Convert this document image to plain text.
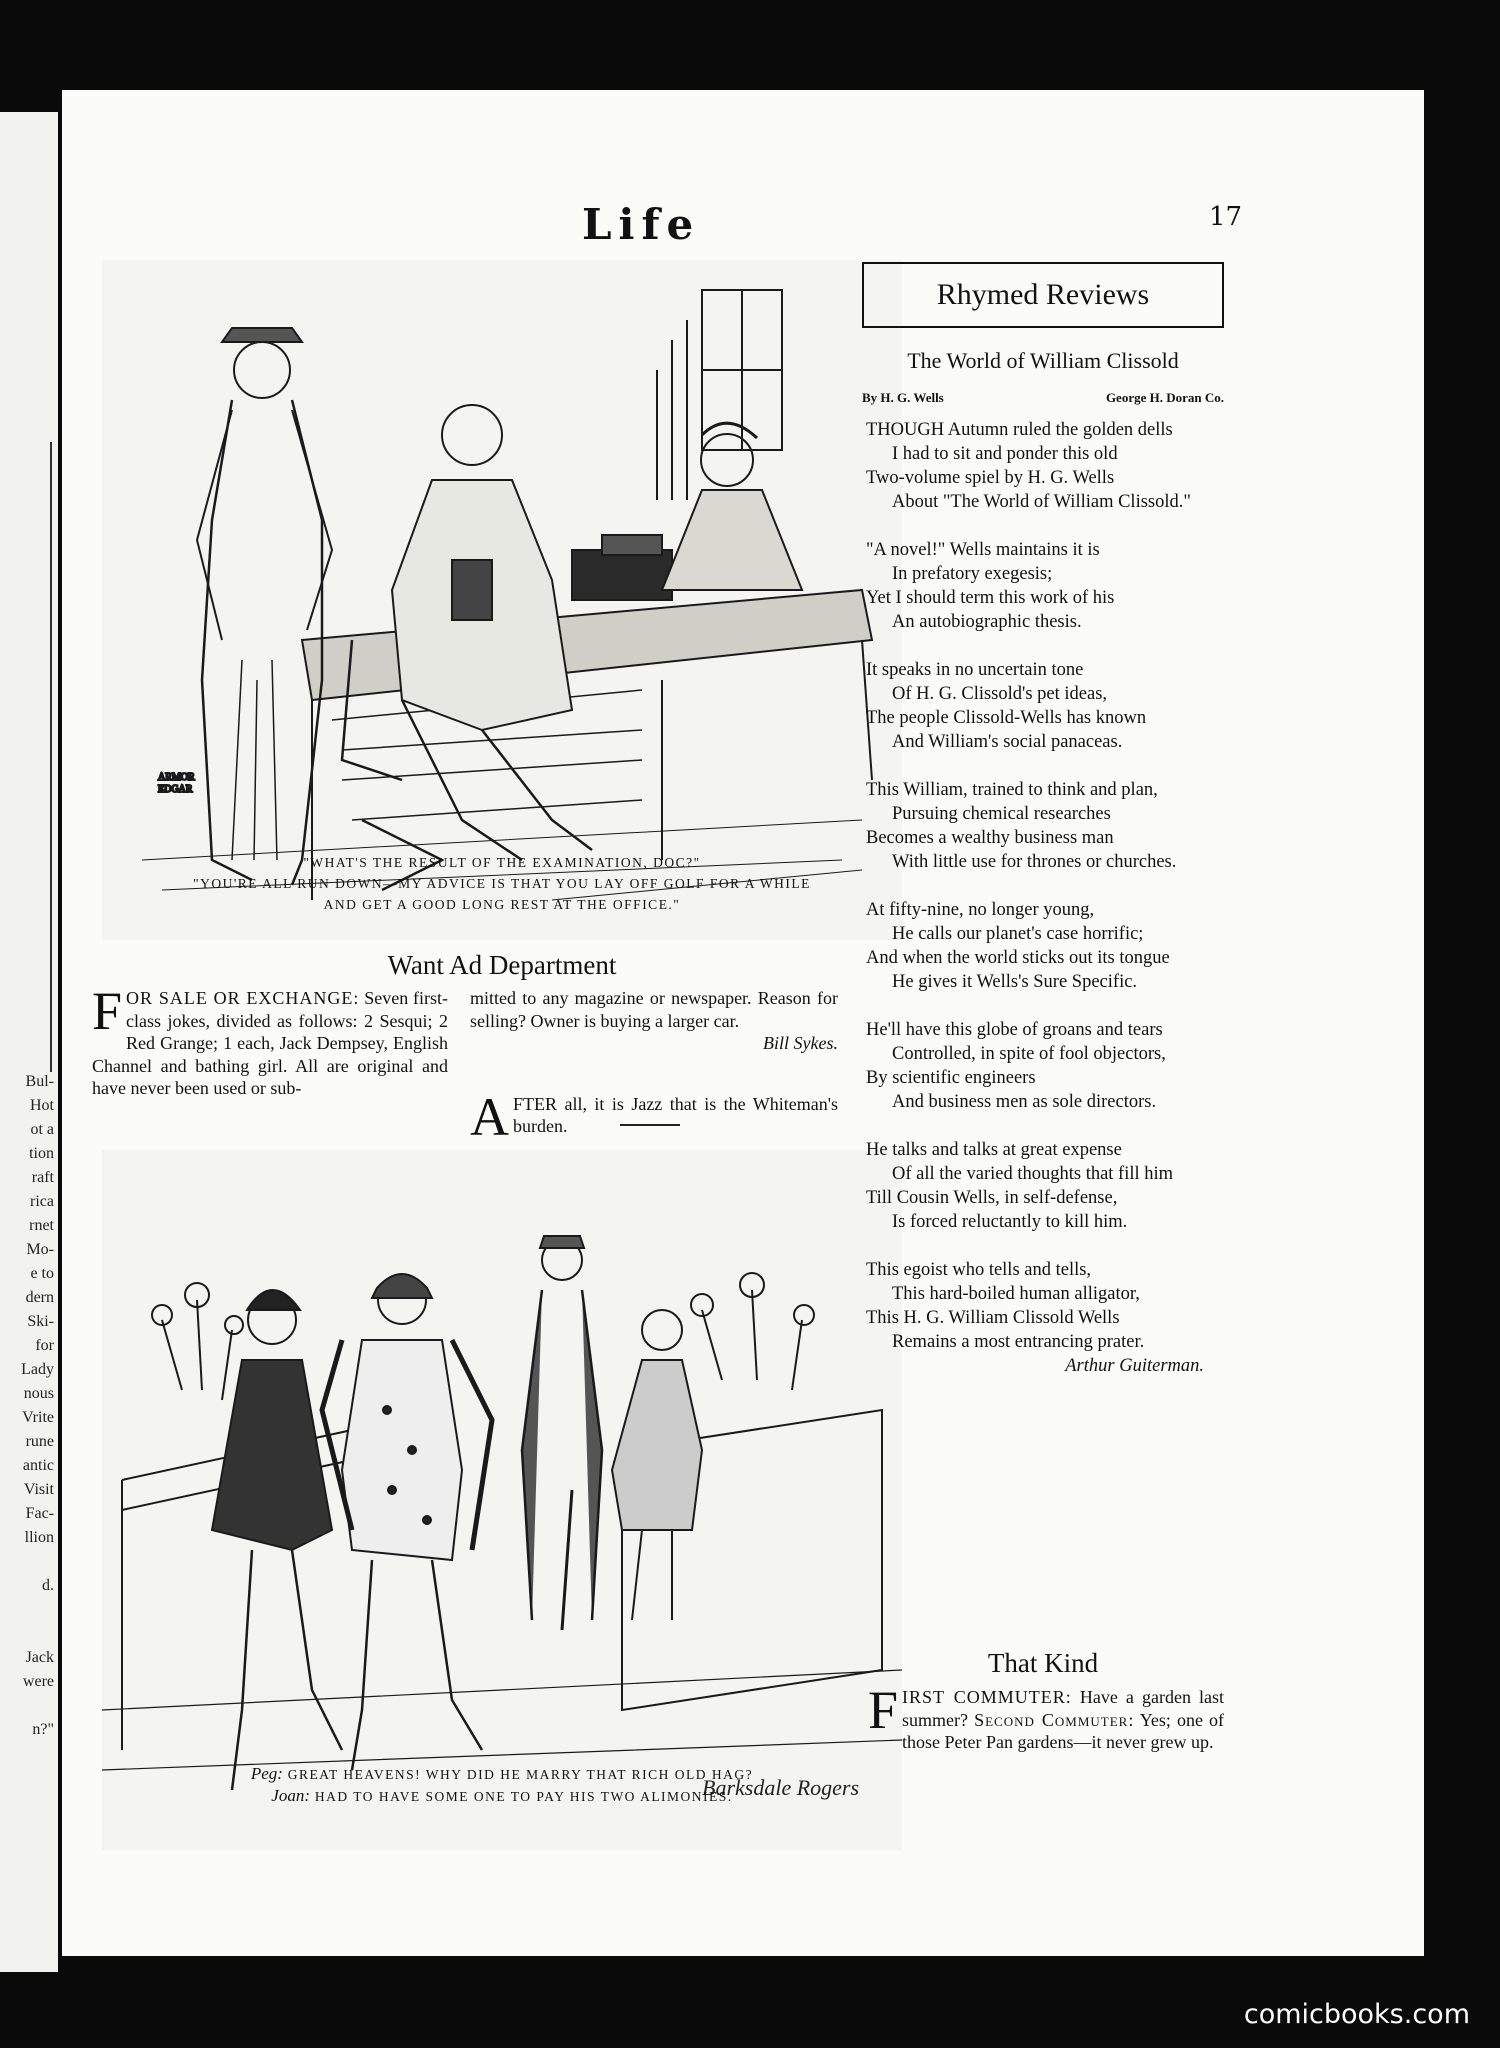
Bul-
Hot
ot a
tion
raft
rica
rnet
Mo-
e to
dern
Ski-
for
Lady
nous
Vrite
rune
antic
Visit
Fac-
llion

d.

Jack
were

n?"
Life	17
ARMOR
EDGAR
"WHAT'S THE RESULT OF THE EXAMINATION, DOC?"
"YOU'RE ALL RUN DOWN—MY ADVICE IS THAT YOU LAY OFF GOLF FOR A WHILE
AND GET A GOOD LONG REST AT THE OFFICE."
Want Ad Department
FOR SALE OR EXCHANGE: Seven first-class jokes, divided as follows: 2 Sesqui; 2 Red Grange; 1 each, Jack Dempsey, English Channel and bathing girl. All are original and have never been used or sub-
mitted to any magazine or newspaper. Reason for selling? Owner is buying a larger car.
Bill Sykes.
A FTER all, it is Jazz that is the Whiteman's burden.
Barksdale Rogers
Peg: GREAT HEAVENS! WHY DID HE MARRY THAT RICH OLD HAG?
Joan: HAD TO HAVE SOME ONE TO PAY HIS TWO ALIMONIES.
Rhymed Reviews
The World of William Clissold
By H. G. Wells	George H. Doran Co.
THOUGH Autumn ruled the golden dells
I had to sit and ponder this old
Two-volume spiel by H. G. Wells
About "The World of William Clissold."
"A novel!" Wells maintains it is
In prefatory exegesis;
Yet I should term this work of his
An autobiographic thesis.
It speaks in no uncertain tone
Of H. G. Clissold's pet ideas,
The people Clissold-Wells has known
And William's social panaceas.
This William, trained to think and plan,
Pursuing chemical researches
Becomes a wealthy business man
With little use for thrones or churches.
At fifty-nine, no longer young,
He calls our planet's case horrific;
And when the world sticks out its tongue
He gives it Wells's Sure Specific.
He'll have this globe of groans and tears
Controlled, in spite of fool objectors,
By scientific engineers
And business men as sole directors.
He talks and talks at great expense
Of all the varied thoughts that fill him
Till Cousin Wells, in self-defense,
Is forced reluctantly to kill him.
This egoist who tells and tells,
This hard-boiled human alligator,
This H. G. William Clissold Wells
Remains a most entrancing prater.
Arthur Guiterman.
That Kind
FIRST COMMUTER: Have a garden last summer? Second Commuter: Yes; one of those Peter Pan gardens—it never grew up.
comicbooks.com
